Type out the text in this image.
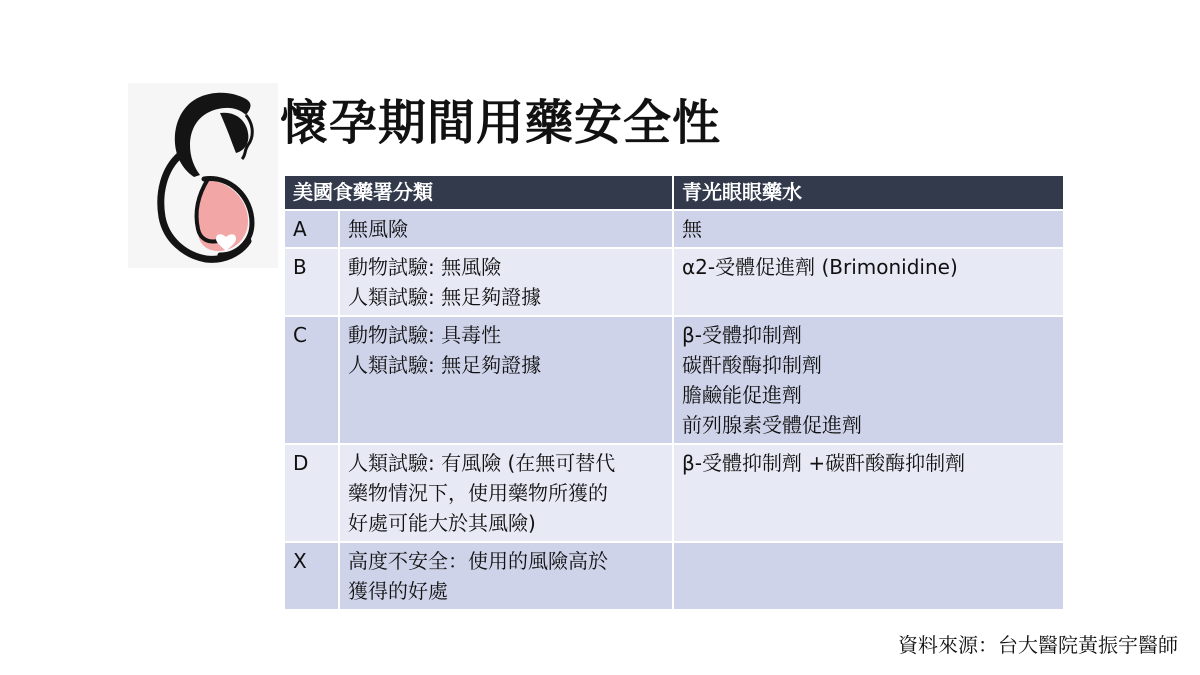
懷孕期間用藥安全性
美國食藥署分類		青光眼眼藥水
A	無風險	無

B	動物試驗: 無風險
人類試驗: 無足夠證據	α2-受體促進劑 (Brimonidine)

C	動物試驗: 具毒性
人類試驗: 無足夠證據	β-受體抑制劑
碳酐酸酶抑制劑
膽鹼能促進劑
前列腺素受體促進劑

D	人類試驗: 有風險 (在無可替代
藥物情況下，使用藥物所獲的
好處可能大於其風險)	β-受體抑制劑 +碳酐酸酶抑制劑

X	高度不安全：使用的風險高於
獲得的好處	

資料來源：台大醫院黃振宇醫師
